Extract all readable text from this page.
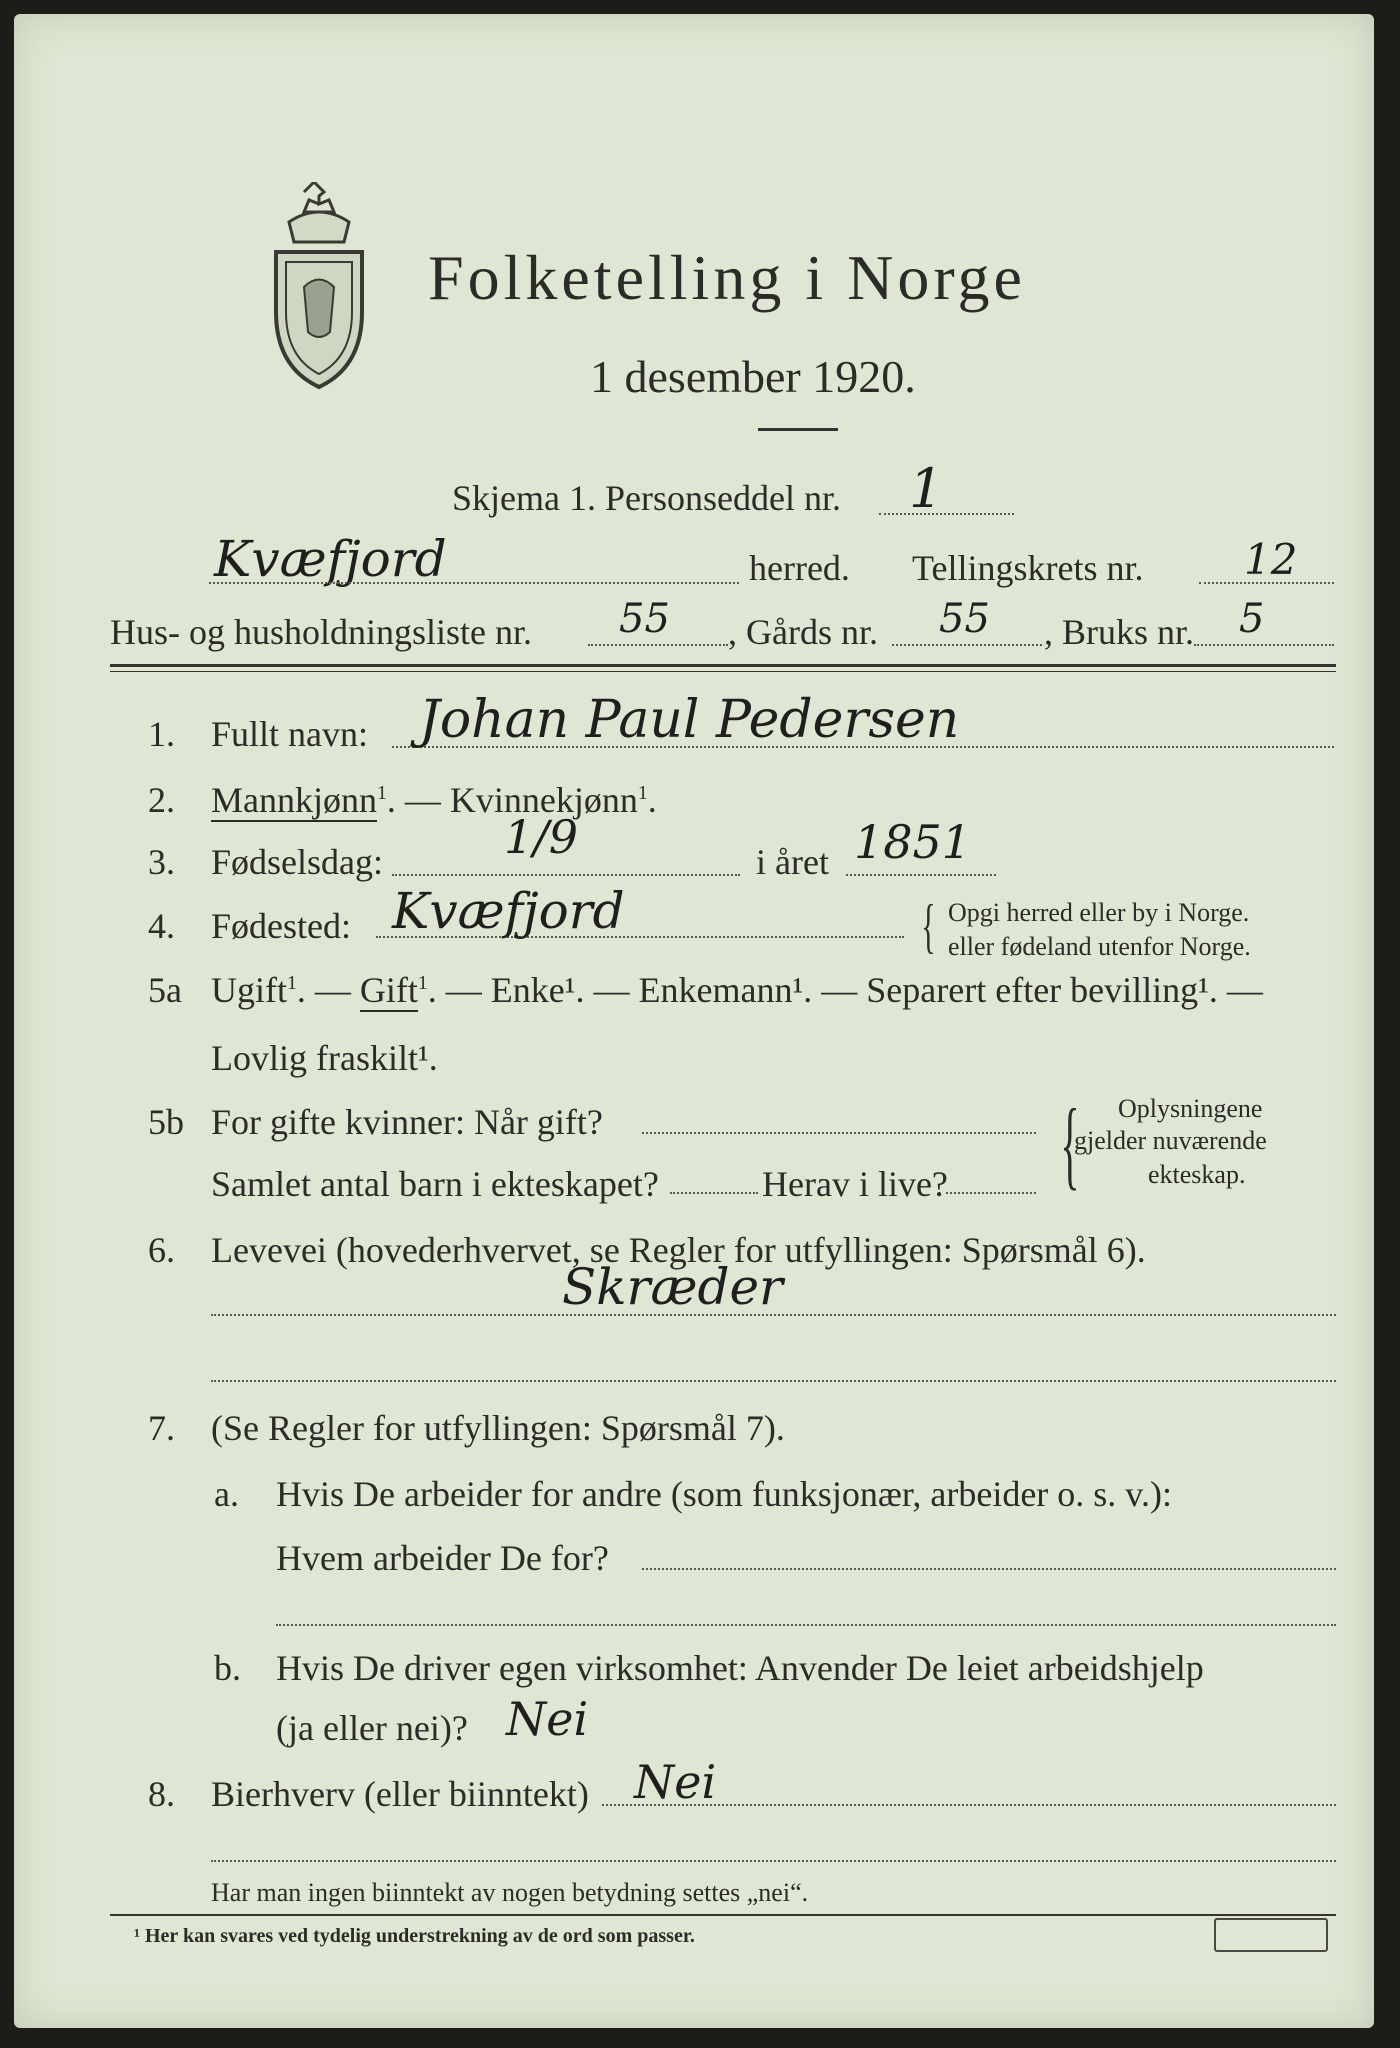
Folketelling i Norge
1 desember 1920.
Skjema 1. Personseddel nr. 1
Kvæfjord	herred. Tellingskrets nr. 12
Hus- og husholdningsliste nr. 55 , Gårds nr. 55 , Bruks nr. 5
1. Fullt navn: Johan Paul Pedersen
2. Mannkjønn$^1$. — Kvinnekjønn$^1$.
3. Fødselsdag:	1/9	i året 1851
4. Fødested: Kvæfjord	{ Opgi herred eller by i Norge.
eller fødeland utenfor Norge.
5a Ugift$^1$. — Gift$^1$. — Enke¹. — Enkemann¹. — Separert efter bevilling¹. —
Lovlig fraskilt¹.
5b For gifte kvinner: Når gift?
Samlet antal barn i ekteskapet?	Herav i live? { Oplysningene
gjelder nuværende
ekteskap.
6. Levevei (hovederhvervet, se Regler for utfyllingen: Spørsmål 6).
Skræder
7. (Se Regler for utfyllingen: Spørsmål 7).
a. Hvis De arbeider for andre (som funksjonær, arbeider o. s. v.):
Hvem arbeider De for?
b. Hvis De driver egen virksomhet: Anvender De leiet arbeidshjelp
(ja eller nei)? Nei
8. Bierhverv (eller biinntekt) Nei
Har man ingen biinntekt av nogen betydning settes „nei“.
¹ Her kan svares ved tydelig understrekning av de ord som passer.
